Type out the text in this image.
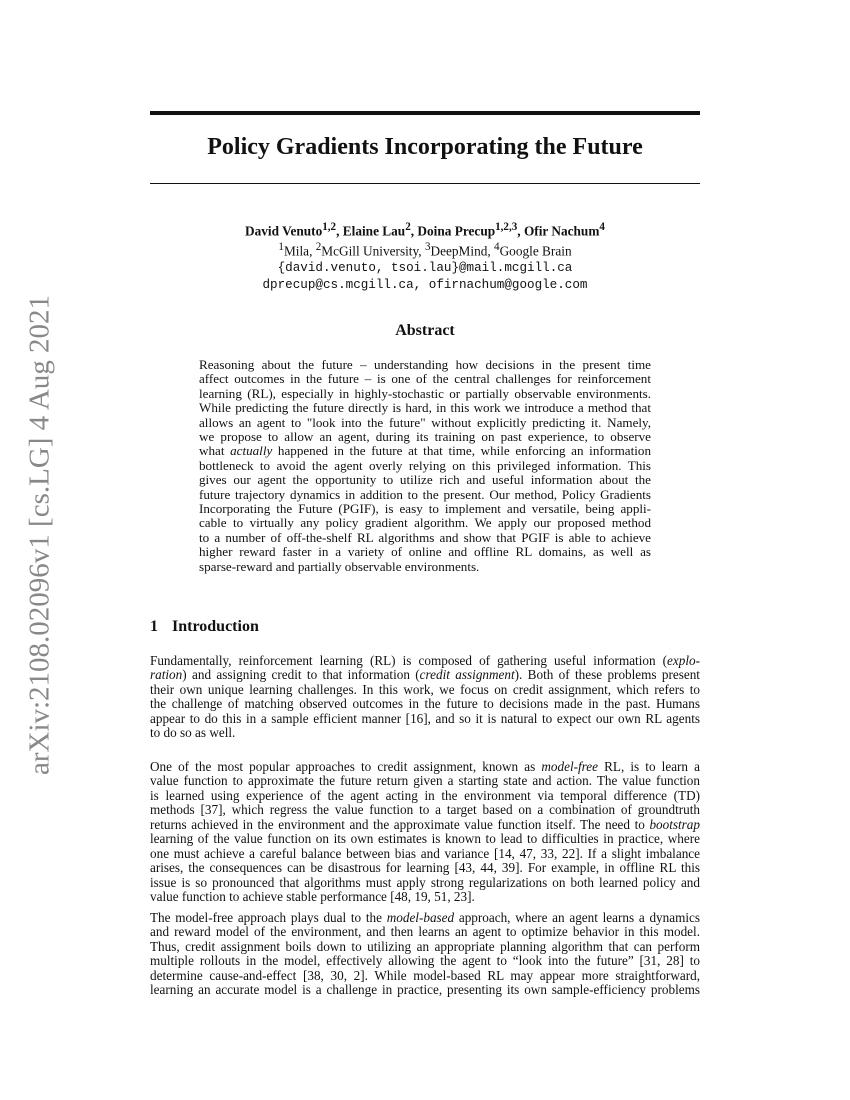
arXiv:2108.02096v1 [cs.LG] 4 Aug 2021
Policy Gradients Incorporating the Future
David Venuto$^{1,2}$, Elaine Lau$^2$, Doina Precup$^{1,2,3}$, Ofir Nachum$^4$
$^1$Mila, $^2$McGill University, $^3$DeepMind, $^4$Google Brain
{david.venuto, tsoi.lau}@mail.mcgill.ca
dprecup@cs.mcgill.ca, ofirnachum@google.com
Abstract
Reasoning about the future – understanding how decisions in the present time
affect outcomes in the future – is one of the central challenges for reinforcement
learning (RL), especially in highly-stochastic or partially observable environments.
While predicting the future directly is hard, in this work we introduce a method that
allows an agent to "look into the future" without explicitly predicting it. Namely,
we propose to allow an agent, during its training on past experience, to observe
what actually happened in the future at that time, while enforcing an information
bottleneck to avoid the agent overly relying on this privileged information. This
gives our agent the opportunity to utilize rich and useful information about the
future trajectory dynamics in addition to the present. Our method, Policy Gradients
Incorporating the Future (PGIF), is easy to implement and versatile, being appli-
cable to virtually any policy gradient algorithm. We apply our proposed method
to a number of off-the-shelf RL algorithms and show that PGIF is able to achieve
higher reward faster in a variety of online and offline RL domains, as well as
sparse-reward and partially observable environments.
1 Introduction
Fundamentally, reinforcement learning (RL) is composed of gathering useful information (explo-
ration) and assigning credit to that information (credit assignment). Both of these problems present
their own unique learning challenges. In this work, we focus on credit assignment, which refers to
the challenge of matching observed outcomes in the future to decisions made in the past. Humans
appear to do this in a sample efficient manner [16], and so it is natural to expect our own RL agents
to do so as well.
One of the most popular approaches to credit assignment, known as model-free RL, is to learn a
value function to approximate the future return given a starting state and action. The value function
is learned using experience of the agent acting in the environment via temporal difference (TD)
methods [37], which regress the value function to a target based on a combination of groundtruth
returns achieved in the environment and the approximate value function itself. The need to bootstrap
learning of the value function on its own estimates is known to lead to difficulties in practice, where
one must achieve a careful balance between bias and variance [14, 47, 33, 22]. If a slight imbalance
arises, the consequences can be disastrous for learning [43, 44, 39]. For example, in offline RL this
issue is so pronounced that algorithms must apply strong regularizations on both learned policy and
value function to achieve stable performance [48, 19, 51, 23].
The model-free approach plays dual to the model-based approach, where an agent learns a dynamics
and reward model of the environment, and then learns an agent to optimize behavior in this model.
Thus, credit assignment boils down to utilizing an appropriate planning algorithm that can perform
multiple rollouts in the model, effectively allowing the agent to “look into the future” [31, 28] to
determine cause-and-effect [38, 30, 2]. While model-based RL may appear more straightforward,
learning an accurate model is a challenge in practice, presenting its own sample-efficiency problems
